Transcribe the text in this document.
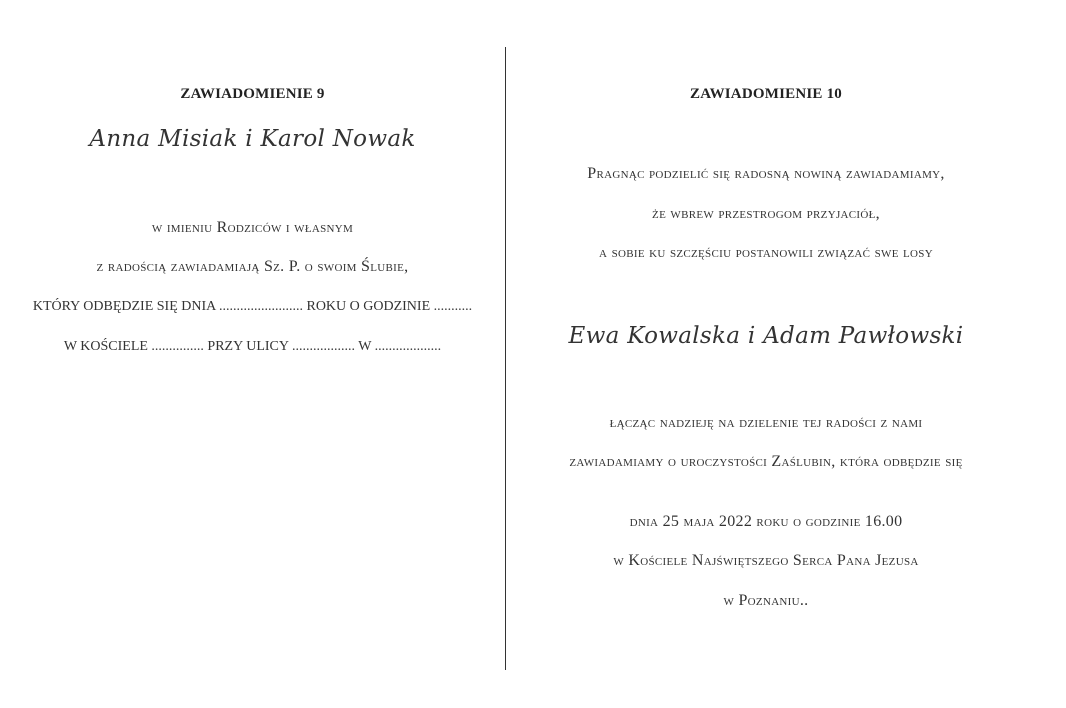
ZAWIADOMIENIE 9
Anna Misiak i Karol Nowak
w imieniu Rodziców i własnym
z radością zawiadamiają Sz. P. o swoim Ślubie,
KTÓRY ODBĘDZIE SIĘ DNIA ........................ ROKU O GODZINIE ...........
W KOŚCIELE ............... PRZY ULICY .................. W ...................
ZAWIADOMIENIE 10
Pragnąc podzielić się radosną nowiną zawiadamiamy,
że wbrew przestrogom przyjaciół,
a sobie ku szczęściu postanowili związać swe losy
Ewa Kowalska i Adam Pawłowski
łącząc nadzieję na dzielenie tej radości z nami
zawiadamiamy o uroczystości Zaślubin, która odbędzie się
dnia 25 maja 2022 roku o godzinie 16.00
w Kościele Najświętszego Serca Pana Jezusa
w Poznaniu..
